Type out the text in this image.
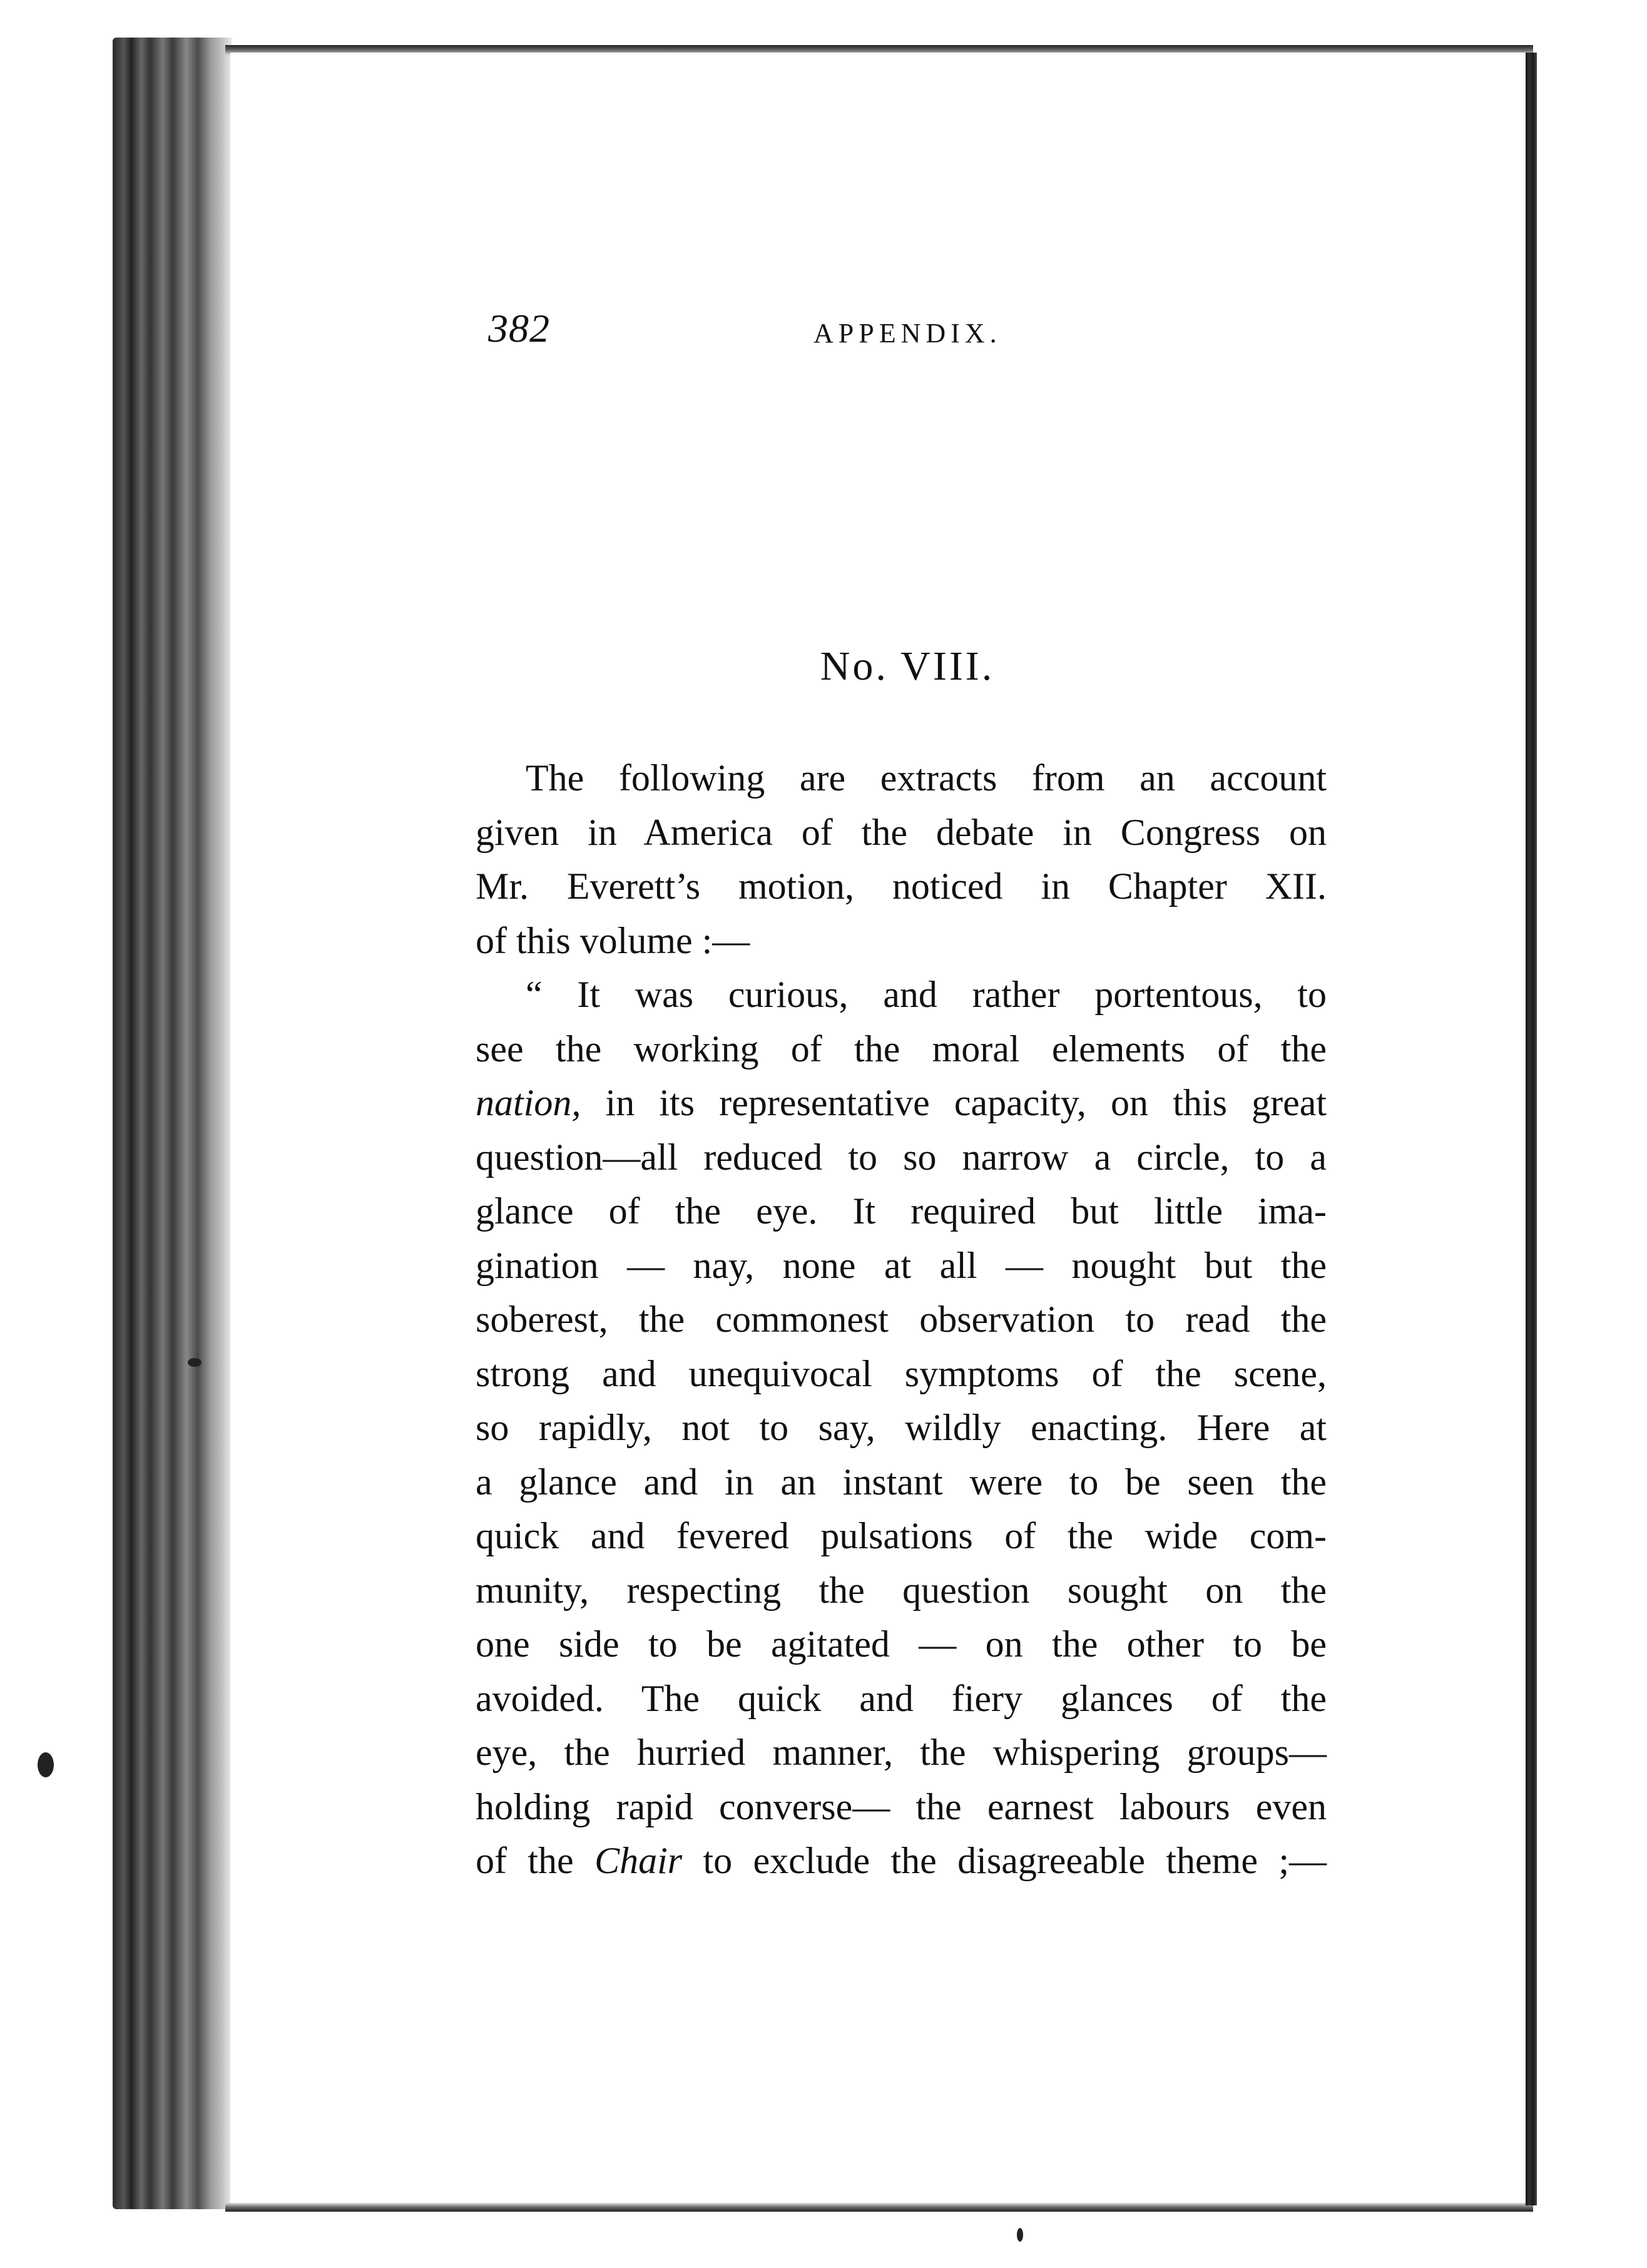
382	APPENDIX.
No. VIII.
The following are extracts from an account
given in America of the debate in Congress on
Mr. Everett’s motion, noticed in Chapter XII.
of this volume :—
“ It was curious, and rather portentous, to
see the working of the moral elements of the
nation, in its representative capacity, on this great
question—all reduced to so narrow a circle, to a
glance of the eye. It required but little ima-
gination — nay, none at all — nought but the
soberest, the commonest observation to read the
strong and unequivocal symptoms of the scene,
so rapidly, not to say, wildly enacting. Here at
a glance and in an instant were to be seen the
quick and fevered pulsations of the wide com-
munity, respecting the question sought on the
one side to be agitated — on the other to be
avoided. The quick and fiery glances of the
eye, the hurried manner, the whispering groups—
holding rapid converse— the earnest labours even
of the Chair to exclude the disagreeable theme ;—
